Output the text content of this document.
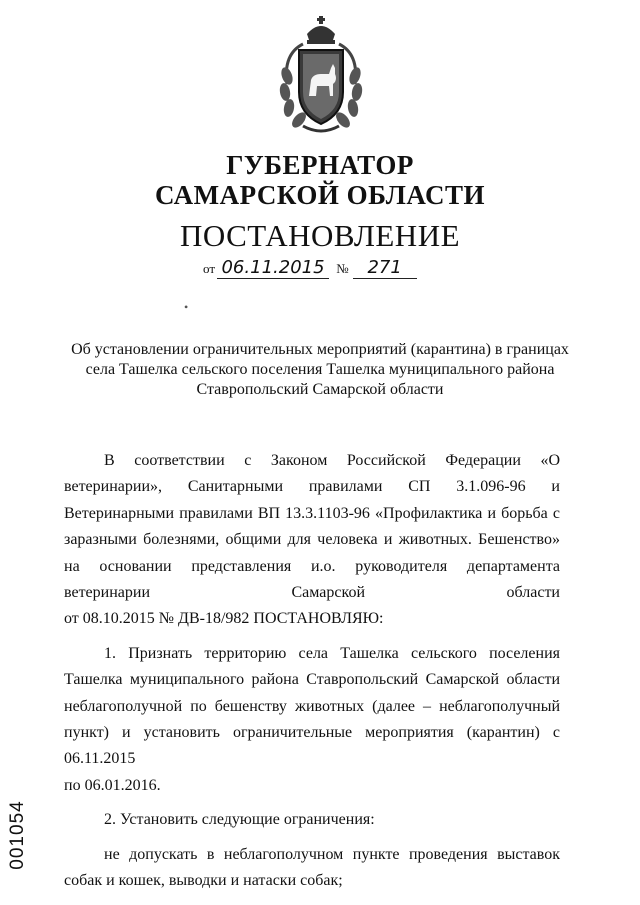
ГУБЕРНАТОР
САМАРСКОЙ ОБЛАСТИ
ПОСТАНОВЛЕНИЕ
от 06.11.2015 № 271
•
Об установлении ограничительных мероприятий (карантина) в границах
села Ташелка сельского поселения Ташелка муниципального района
Ставропольский Самарской области

В соответствии с Законом Российской Федерации «О ветеринарии», Санитарными правилами СП 3.1.096-96 и Ветеринарными правилами ВП 13.3.1103-96 «Профилактика и борьба с заразными болезнями, общими для человека и животных. Бешенство» на основании представления и.о. руководителя департамента ветеринарии Самарской области

от 08.10.2015 № ДВ-18/982 ПОСТАНОВЛЯЮ:

1. Признать территорию села Ташелка сельского поселения Ташелка муниципального района Ставропольский Самарской области неблагополучной по бешенству животных (далее – неблагополучный пункт) и установить ограничительные мероприятия (карантин) с 06.11.2015

по 06.01.2016.

2. Установить следующие ограничения:

не допускать в неблагополучном пункте проведения выставок собак и кошек, выводки и натаски собак;

001054
